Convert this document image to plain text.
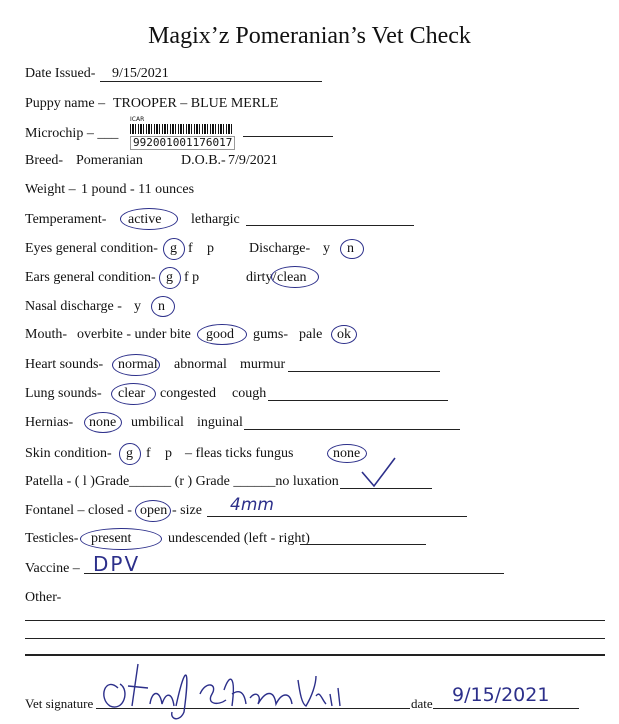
Magix’z Pomeranian’s Vet Check
Date Issued- 9/15/2021
Puppy name – TROOPER – BLUE MERLE
Microchip – ___
ICAR
992001001176017
Breed- Pomeranian	D.O.B.- 7/9/2021
Weight – 1 pound - 11 ounces
Temperament- active lethargic
Eyes general condition- g f p	Discharge- y n
Ears general condition- g f p	dirty/ clean
Nasal discharge - y n
Mouth- overbite - under bite good gums- pale ok
Heart sounds- normal abnormal murmur
Lung sounds- clear congested cough
Hernias- none umbilical inguinal
Skin condition- g f p – fleas ticks fungus	none
Patella - ( l )Grade______ (r ) Grade ______no luxation
Fontanel – closed - open - size 4mm
Testicles- present	undescended (left - right)
Vaccine – DPV
Other-
Vet signature	date 9/15/2021
